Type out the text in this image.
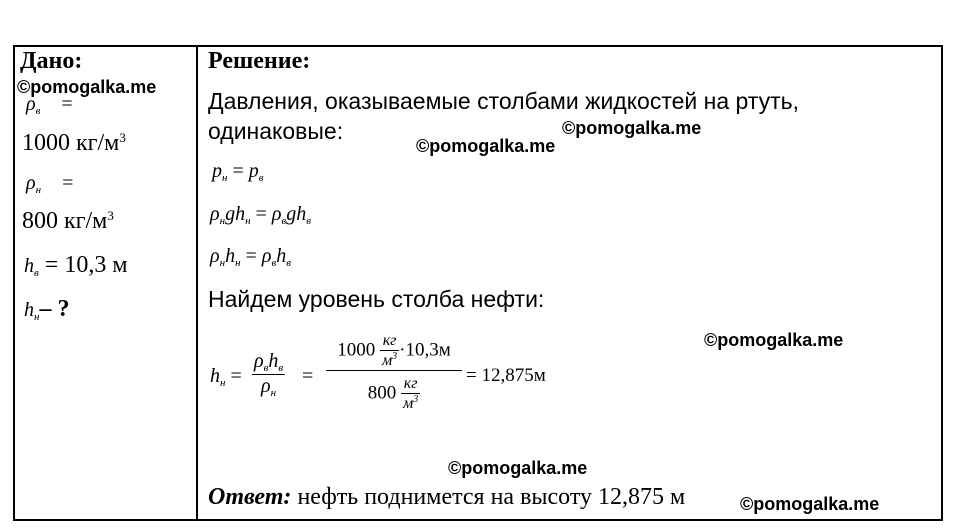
Дано:
©pomogalka.me
$\rho_в$ =
1000 $кг/м^3$
$\rho_н$ =
800 $кг/м^3$
$h_в = 10,3$ м
$h_н-$ ?
Решение:
Давления, оказываемые столбами жидкостей на ртуть,
одинаковые:	©pomogalka.me
©pomogalka.me
$p_н = p_в$
$\rho_нgh_н = \rho_вgh_в$
$\rho_нh_н = \rho_вh_в$
Найдем уровень столба нефти:
©pomogalka.me
$h_н = \frac{\rho_вh_в}{\rho_н}$ =
$1000 \frac{кг}{м^3} \cdot 10,3м$
$800 \frac{кг}{м^3} = 12,875м$
©pomogalka.me
Ответ: нефть поднимется на высоту 12,875 м	©pomogalka.me
